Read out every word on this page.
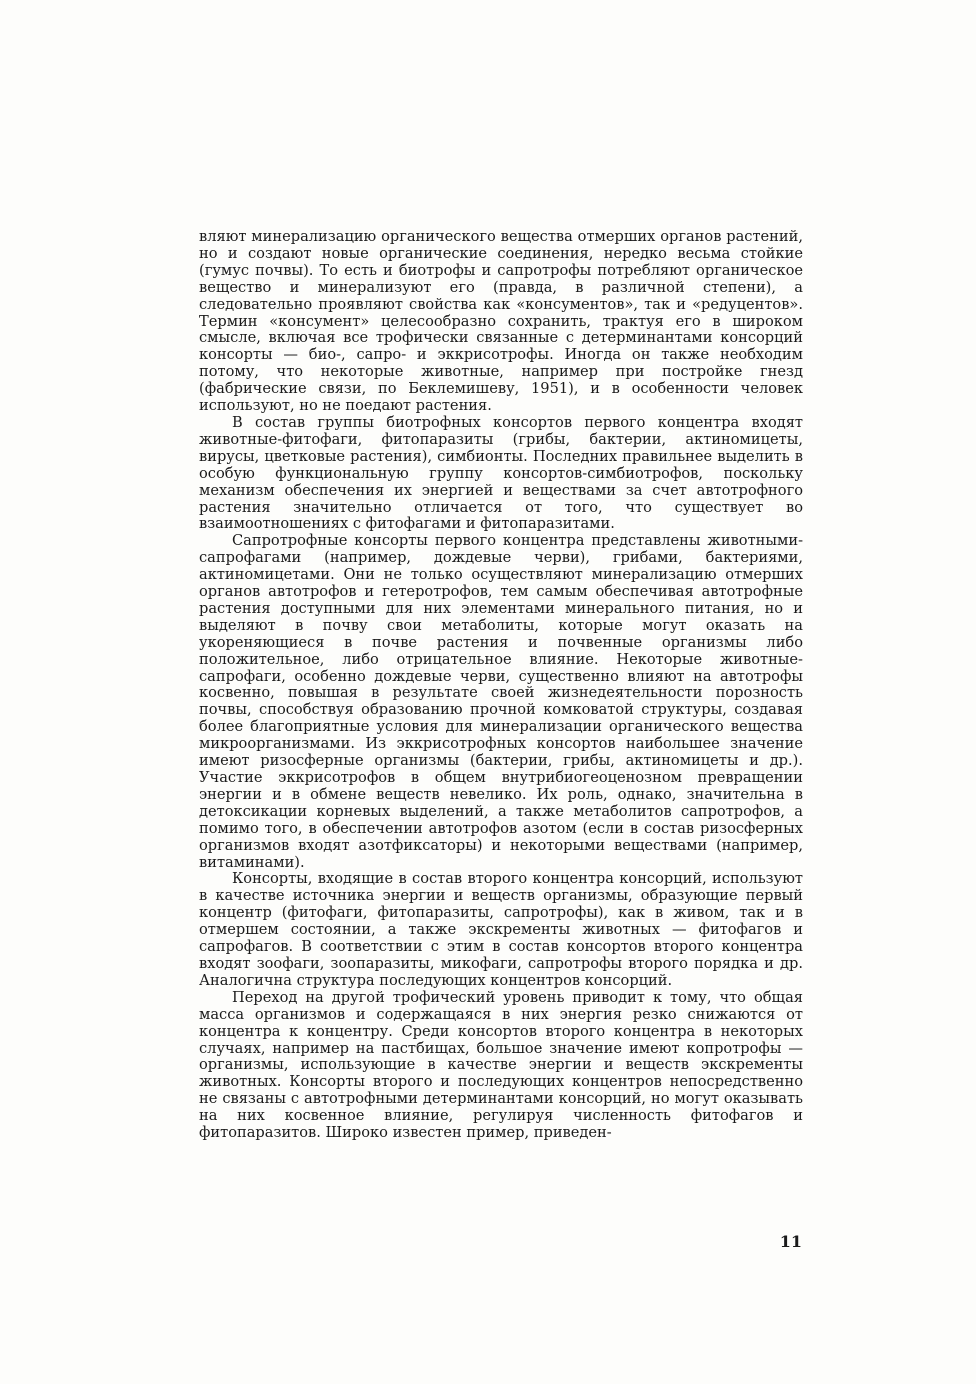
вляют минерализацию органического вещества отмерших органов растений, но и создают новые органические соединения, нередко весьма стойкие (гумус почвы). То есть и биотрофы и сапротрофы потребляют органическое вещество и минерализуют его (правда, в различной степени), а следовательно проявляют свойства как «консументов», так и «редуцентов». Термин «консумент» целесообразно сохранить, трактуя его в широком смысле, включая все трофически связанные с детерминантами консорций консорты — био-, сапро- и эккрисотрофы. Иногда он также необходим потому, что некоторые животные, например при постройке гнезд (фабрические связи, по Беклемишеву, 1951), и в особенности человек используют, но не поедают растения.

В состав группы биотрофных консортов первого концентра входят животные-фитофаги, фитопаразиты (грибы, бактерии, актиномицеты, вирусы, цветковые растения), симбионты. Последних правильнее выделить в особую функциональную группу консортов-симбиотрофов, поскольку механизм обеспечения их энергией и веществами за счет автотрофного растения значительно отличается от того, что существует во взаимоотношениях с фитофагами и фитопаразитами.

Сапротрофные консорты первого концентра представлены животными-сапрофагами (например, дождевые черви), грибами, бактериями, актиномицетами. Они не только осуществляют минерализацию отмерших органов автотрофов и гетеротрофов, тем самым обеспечивая автотрофные растения доступными для них элементами минерального питания, но и выделяют в почву свои метаболиты, которые могут оказать на укореняющиеся в почве растения и почвенные организмы либо положительное, либо отрицательное влияние. Некоторые животные-сапрофаги, особенно дождевые черви, существенно влияют на автотрофы косвенно, повышая в результате своей жизнедеятельности порозность почвы, способствуя образованию прочной комковатой структуры, создавая более благоприятные условия для минерализации органического вещества микроорганизмами. Из эккрисотрофных консортов наибольшее значение имеют ризосферные организмы (бактерии, грибы, актиномицеты и др.). Участие эккрисотрофов в общем внутрибиогеоценозном превращении энергии и в обмене веществ невелико. Их роль, однако, значительна в детоксикации корневых выделений, а также метаболитов сапротрофов, а помимо того, в обеспечении автотрофов азотом (если в состав ризосферных организмов входят азотфиксаторы) и некоторыми веществами (например, витаминами).

Консорты, входящие в состав второго концентра консорций, используют в качестве источника энергии и веществ организмы, образующие первый концентр (фитофаги, фитопаразиты, сапротрофы), как в живом, так и в отмершем состоянии, а также экскременты животных — фитофагов и сапрофагов. В соответствии с этим в состав консортов второго концентра входят зоофаги, зоопаразиты, микофаги, сапротрофы второго порядка и др. Аналогична структура последующих концентров консорций.

Переход на другой трофический уровень приводит к тому, что общая масса организмов и содержащаяся в них энергия резко снижаются от концентра к концентру. Среди консортов второго концентра в некоторых случаях, например на пастбищах, большое значение имеют копротрофы — организмы, использующие в качестве энергии и веществ экскременты животных. Консорты второго и последующих концентров непосредственно не связаны с автотрофными детерминантами консорций, но могут оказывать на них косвенное влияние, регулируя численность фитофагов и фитопаразитов. Широко известен пример, приведен-

11
